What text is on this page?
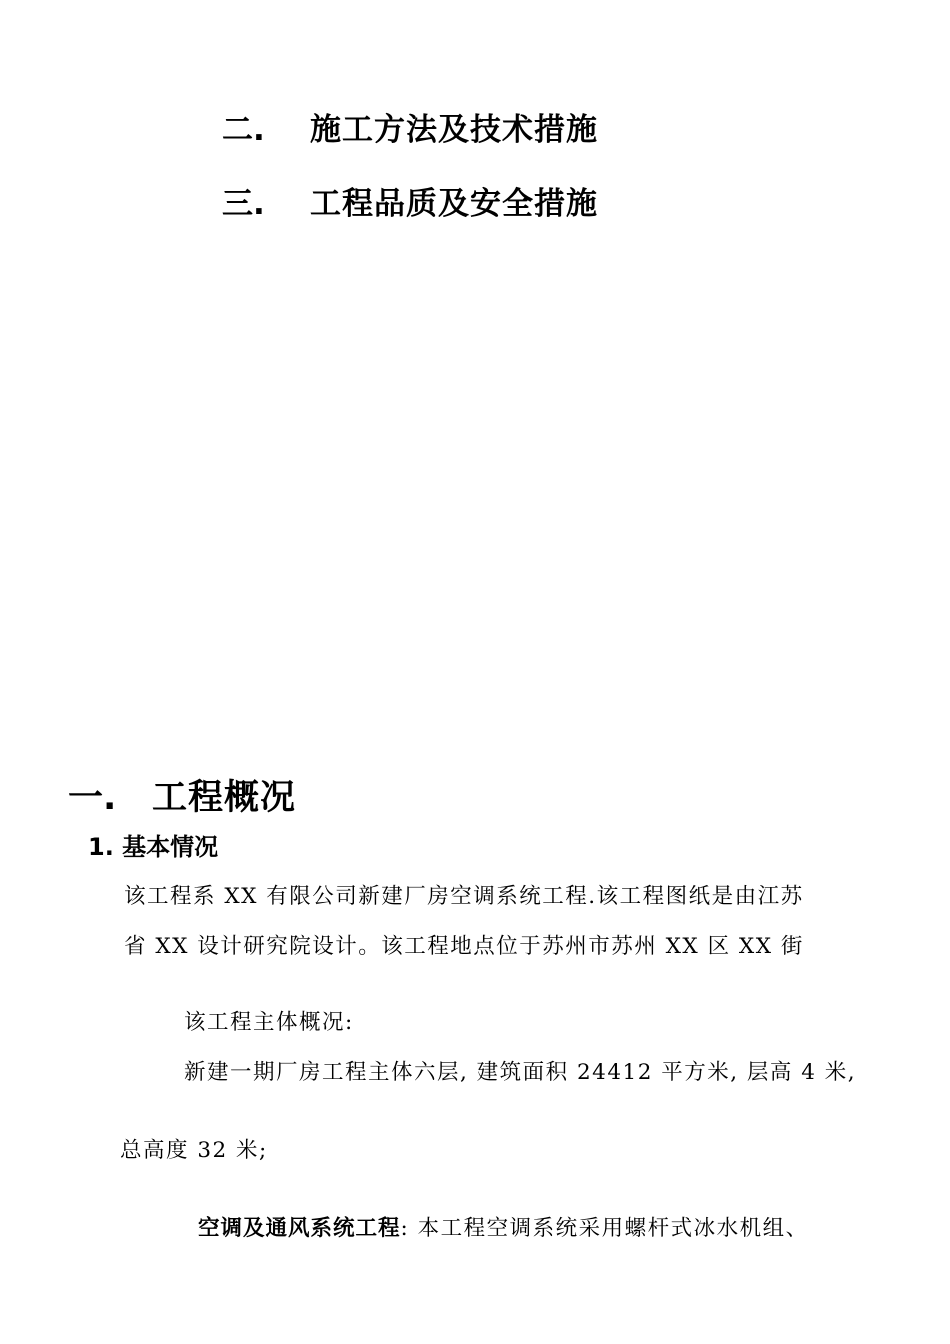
二. 施工方法及技术措施
三. 工程品质及安全措施
一. 工程概况
1. 基本情况
该工程系 XX 有限公司新建厂房空调系统工程.该工程图纸是由江苏
省 XX 设计研究院设计。该工程地点位于苏州市苏州 XX 区 XX 街
该工程主体概况:
新建一期厂房工程主体六层, 建筑面积 24412 平方米, 层高 4 米,
总高度 32 米;
空调及通风系统工程: 本工程空调系统采用螺杆式冰水机组、
